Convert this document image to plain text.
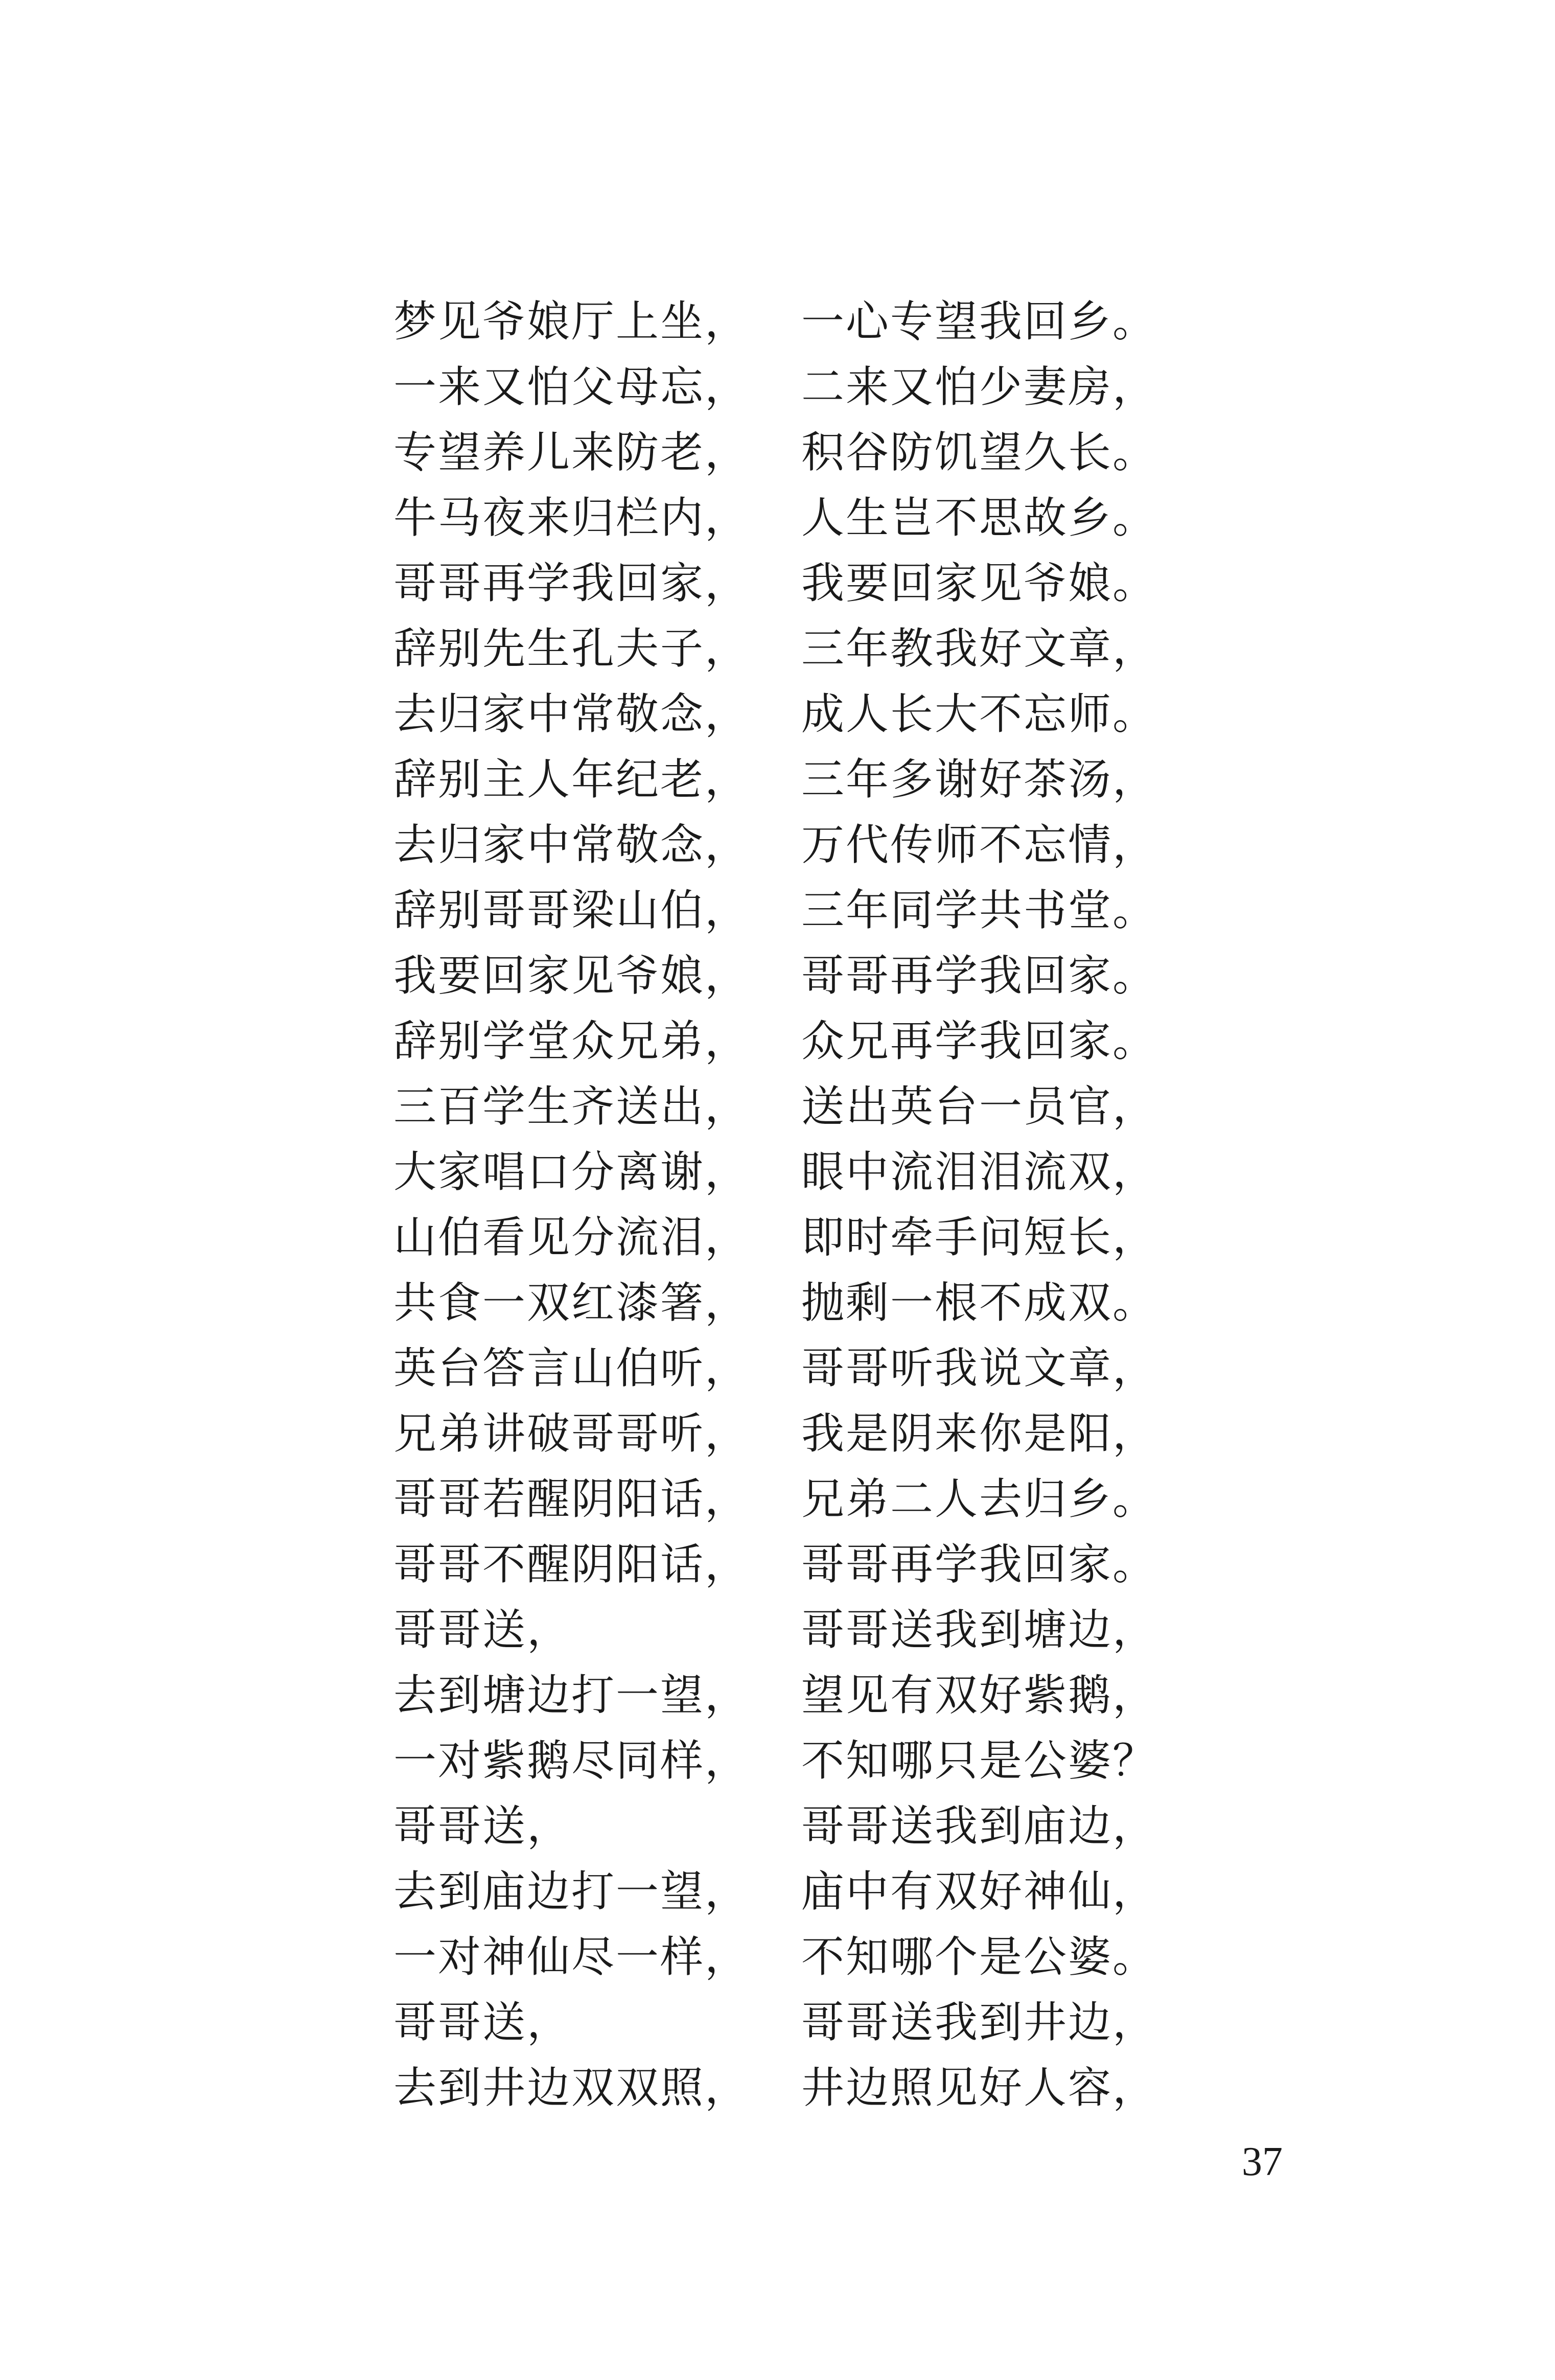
梦见爷娘厅上坐， 一心专望我回乡。
一来又怕父母忘， 二来又怕少妻房，
专望养儿来防老， 积谷防饥望久长。
牛马夜来归栏内， 人生岂不思故乡。
哥哥再学我回家， 我要回家见爷娘。
辞别先生孔夫子， 三年教我好文章，
去归家中常敬念， 成人长大不忘师。
辞别主人年纪老， 三年多谢好茶汤，
去归家中常敬念， 万代传师不忘情，
辞别哥哥梁山伯， 三年同学共书堂。
我要回家见爷娘， 哥哥再学我回家。
辞别学堂众兄弟， 众兄再学我回家。
三百学生齐送出， 送出英台一员官，
大家唱口分离谢， 眼中流泪泪流双，
山伯看见分流泪， 即时牵手问短长，
共食一双红漆箸， 抛剩一根不成双。
英台答言山伯听， 哥哥听我说文章，
兄弟讲破哥哥听， 我是阴来你是阳，
哥哥若醒阴阳话， 兄弟二人去归乡。
哥哥不醒阴阳话， 哥哥再学我回家。
哥哥送，	哥哥送我到塘边，
去到塘边打一望， 望见有双好紫鹅，
一对紫鹅尽同样， 不知哪只是公婆？
哥哥送，	哥哥送我到庙边，
去到庙边打一望， 庙中有双好神仙，
一对神仙尽一样， 不知哪个是公婆。
哥哥送，	哥哥送我到井边，
去到井边双双照， 井边照见好人容，
37
